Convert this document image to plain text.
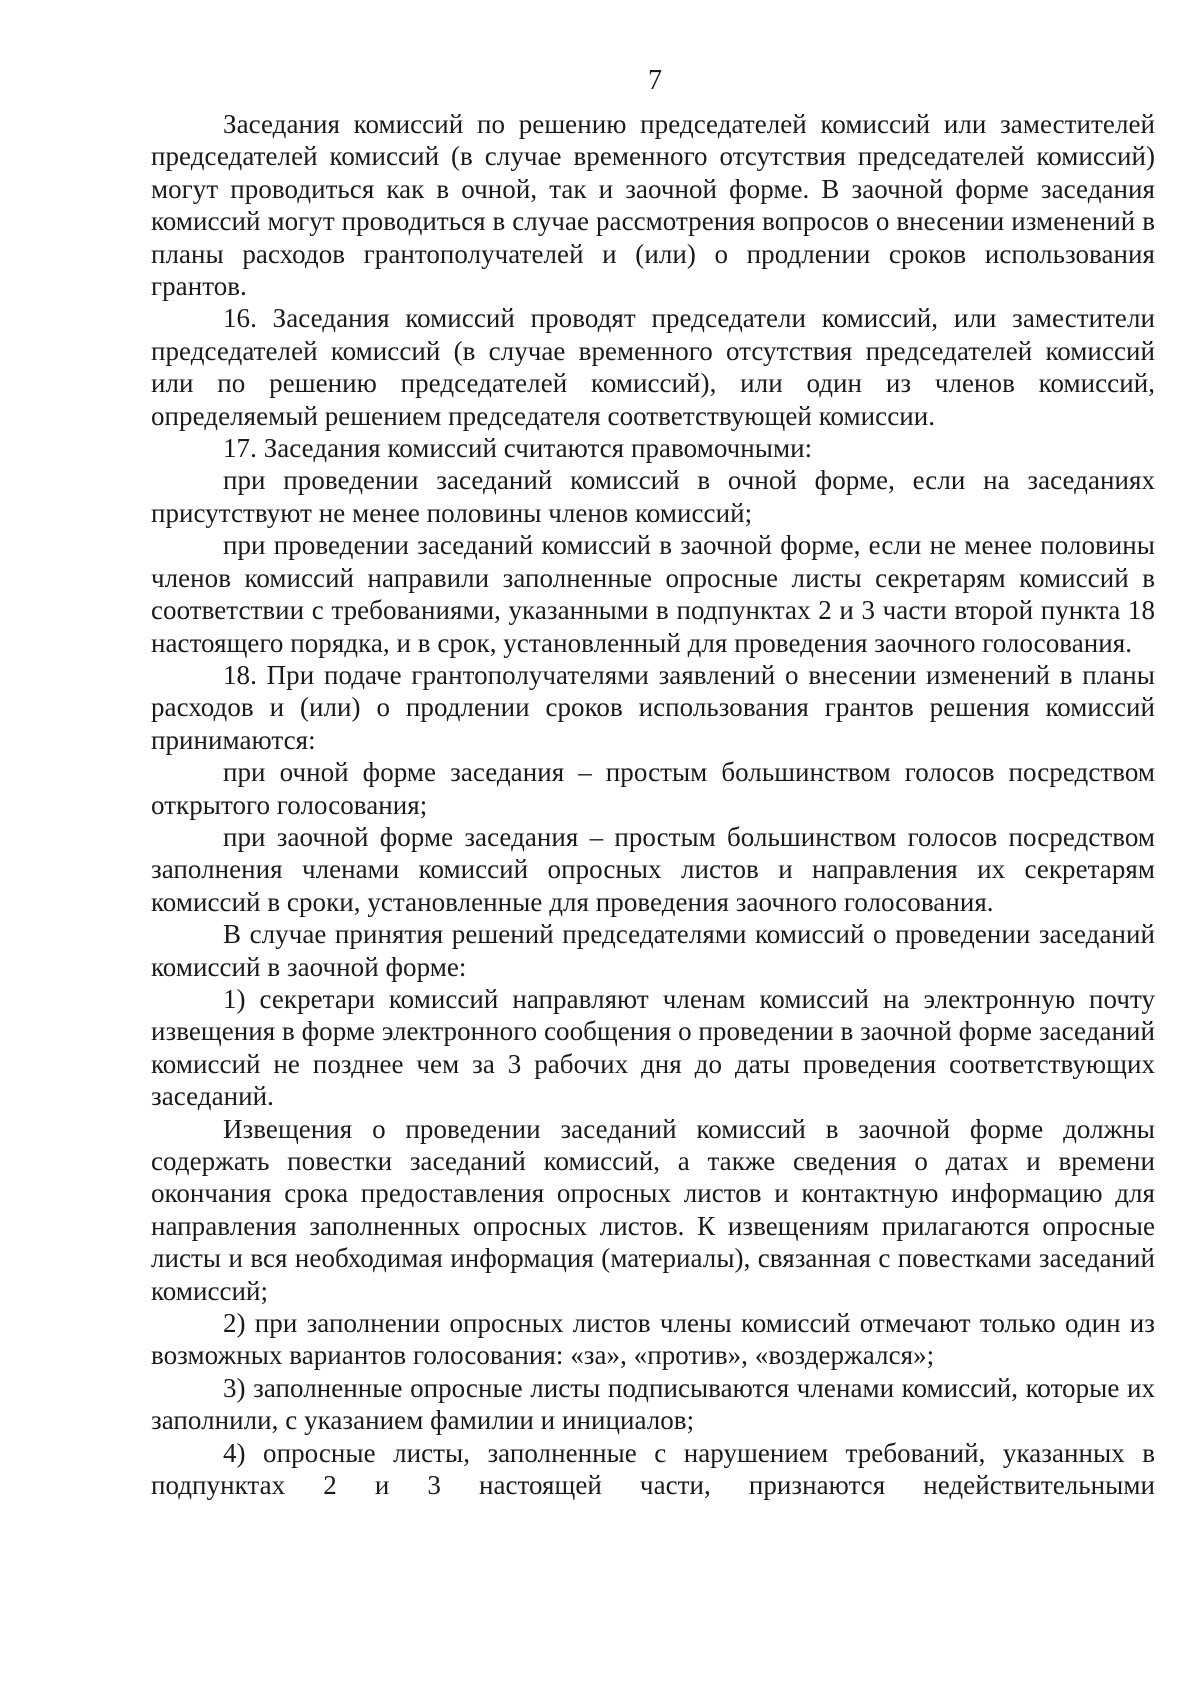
7

Заседания комиссий по решению председателей комиссий или заместителей председателей комиссий (в случае временного отсутствия председателей комиссий) могут проводиться как в очной, так и заочной форме. В заочной форме заседания комиссий могут проводиться в случае рассмотрения вопросов о внесении изменений в планы расходов грантополучателей и (или) о продлении сроков использования грантов.

16. Заседания комиссий проводят председатели комиссий, или заместители председателей комиссий (в случае временного отсутствия председателей комиссий или по решению председателей комиссий), или один из членов комиссий, определяемый решением председателя соответствующей комиссии.

17. Заседания комиссий считаются правомочными:

при проведении заседаний комиссий в очной форме, если на заседаниях присутствуют не менее половины членов комиссий;

при проведении заседаний комиссий в заочной форме, если не менее половины членов комиссий направили заполненные опросные листы секретарям комиссий в соответствии с требованиями, указанными в подпунктах 2 и 3 части второй пункта 18 настоящего порядка, и в срок, установленный для проведения заочного голосования.

18. При подаче грантополучателями заявлений о внесении изменений в планы расходов и (или) о продлении сроков использования грантов решения комиссий принимаются:

при очной форме заседания – простым большинством голосов посредством открытого голосования;

при заочной форме заседания – простым большинством голосов посредством заполнения членами комиссий опросных листов и направления их секретарям комиссий в сроки, установленные для проведения заочного голосования.

В случае принятия решений председателями комиссий о проведении заседаний комиссий в заочной форме:

1) секретари комиссий направляют членам комиссий на электронную почту извещения в форме электронного сообщения о проведении в заочной форме заседаний комиссий не позднее чем за 3 рабочих дня до даты проведения соответствующих заседаний.

Извещения о проведении заседаний комиссий в заочной форме должны содержать повестки заседаний комиссий, а также сведения о датах и времени окончания срока предоставления опросных листов и контактную информацию для направления заполненных опросных листов. К извещениям прилагаются опросные листы и вся необходимая информация (материалы), связанная с повестками заседаний комиссий;

2) при заполнении опросных листов члены комиссий отмечают только один из возможных вариантов голосования: «за», «против», «воздержался»;

3) заполненные опросные листы подписываются членами комиссий, которые их заполнили, с указанием фамилии и инициалов;

4) опросные листы, заполненные с нарушением требований, указанных в подпунктах 2 и 3 настоящей части, признаются недействительными
